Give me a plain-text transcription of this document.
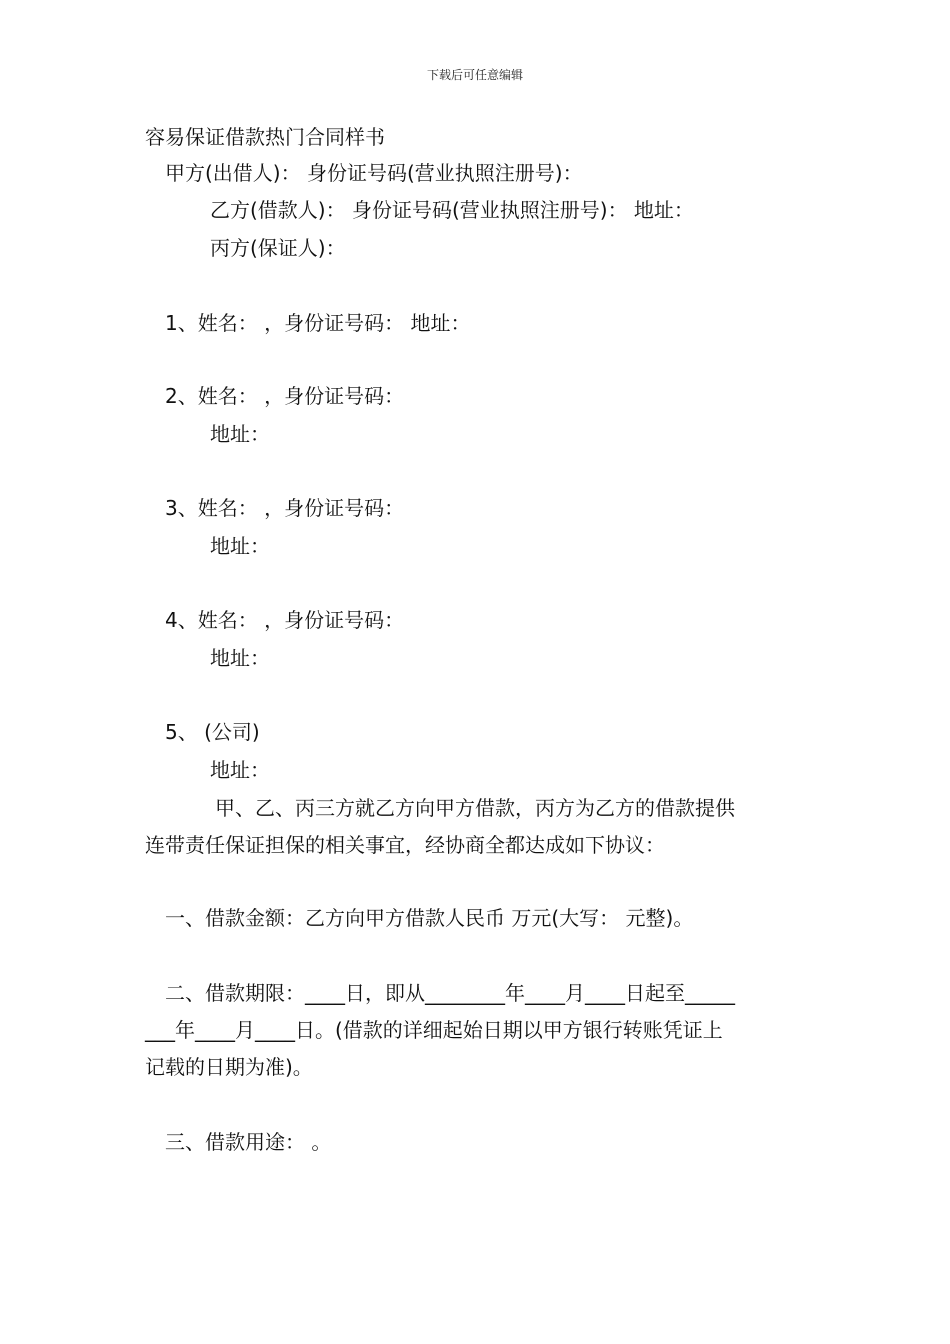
下载后可任意编辑
容易保证借款热门合同样书
甲方(出借人)： 身份证号码(营业执照注册号)：
乙方(借款人)： 身份证号码(营业执照注册号)： 地址：
丙方(保证人)：
1、姓名： ，身份证号码： 地址：
2、姓名： ，身份证号码：
地址：
3、姓名： ，身份证号码：
地址：
4、姓名： ，身份证号码：
地址：
5、 (公司)
地址：
甲、乙、丙三方就乙方向甲方借款，丙方为乙方的借款提供
连带责任保证担保的相关事宜，经协商全都达成如下协议：
一、借款金额：乙方向甲方借款人民币 万元(大写： 元整)。
二、借款期限：____日，即从________年____月____日起至_____
___年____月____日。(借款的详细起始日期以甲方银行转账凭证上
记载的日期为准)。
三、借款用途： 。
